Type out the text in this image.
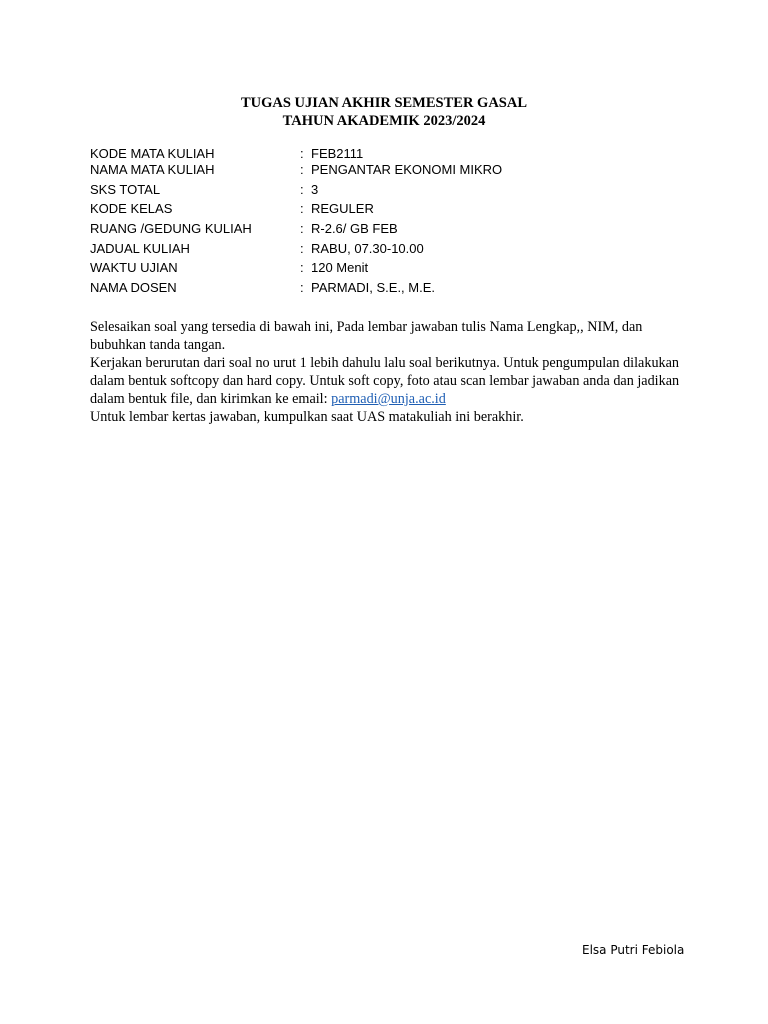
TUGAS UJIAN AKHIR SEMESTER GASAL
TAHUN AKADEMIK 2023/2024
KODE MATA KULIAH	: FEB2111
NAMA MATA KULIAH	: PENGANTAR EKONOMI MIKRO
SKS TOTAL	: 3
KODE KELAS	: REGULER
RUANG /GEDUNG KULIAH	: R-2.6/ GB FEB
JADUAL KULIAH	: RABU, 07.30-10.00
WAKTU UJIAN	: 120 Menit
NAMA DOSEN	: PARMADI, S.E., M.E.

Selesaikan soal yang tersedia di bawah ini, Pada lembar jawaban tulis Nama Lengkap,, NIM, dan bubuhkan tanda tangan.

Kerjakan berurutan dari soal no urut 1 lebih dahulu lalu soal berikutnya. Untuk pengumpulan dilakukan dalam bentuk softcopy dan hard copy. Untuk soft copy, foto atau scan lembar jawaban anda dan jadikan dalam bentuk file, dan kirimkan ke email: parmadi@unja.ac.id

Untuk lembar kertas jawaban, kumpulkan saat UAS matakuliah ini berakhir.

Elsa Putri Febiola
